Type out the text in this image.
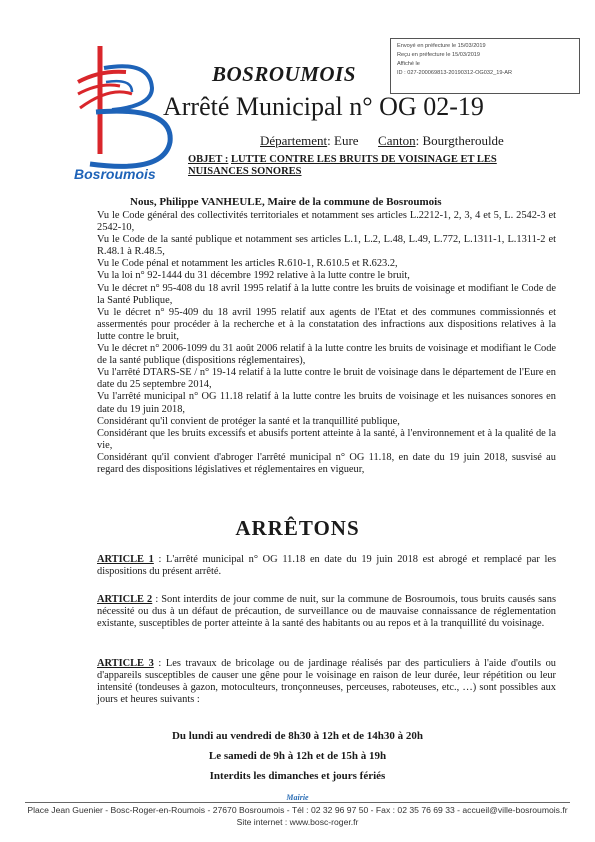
Bosroumois
Envoyé en préfecture le 15/03/2019
Reçu en préfecture le 15/03/2019
Affiché le
ID : 027-200069813-20190312-OG032_19-AR
BOSROUMOIS
Arrêté Municipal n° OG 02-19
Département: Eure Canton: Bourgtheroulde
OBJET : LUTTE CONTRE LES BRUITS DE VOISINAGE ET LES NUISANCES SONORES
Nous, Philippe VANHEULE, Maire de la commune de Bosroumois

Vu le Code général des collectivités territoriales et notamment ses articles L.2212-1, 2, 3, 4 et 5, L. 2542-3 et 2542-10,

Vu le Code de la santé publique et notamment ses articles L.1, L.2, L.48, L.49, L.772, L.1311-1, L.1311-2 et R.48.1 à R.48.5,

Vu le Code pénal et notamment les articles R.610-1, R.610.5 et R.623.2,

Vu la loi n° 92-1444 du 31 décembre 1992 relative à la lutte contre le bruit,

Vu le décret n° 95-408 du 18 avril 1995 relatif à la lutte contre les bruits de voisinage et modifiant le Code de la Santé Publique,

Vu le décret n° 95-409 du 18 avril 1995 relatif aux agents de l'Etat et des communes commissionnés et assermentés pour procéder à la recherche et à la constatation des infractions aux dispositions relatives à la lutte contre le bruit,

Vu le décret n° 2006-1099 du 31 août 2006 relatif à la lutte contre les bruits de voisinage et modifiant le Code de la santé publique (dispositions réglementaires),

Vu l'arrêté DTARS-SE / n° 19-14 relatif à la lutte contre le bruit de voisinage dans le département de l'Eure en date du 25 septembre 2014,

Vu l'arrêté municipal n° OG 11.18 relatif à la lutte contre les bruits de voisinage et les nuisances sonores en date du 19 juin 2018,

Considérant qu'il convient de protéger la santé et la tranquillité publique,

Considérant que les bruits excessifs et abusifs portent atteinte à la santé, à l'environnement et à la qualité de la vie,

Considérant qu'il convient d'abroger l'arrêté municipal n° OG 11.18, en date du 19 juin 2018, susvisé au regard des dispositions législatives et réglementaires en vigueur,

ARRÊTONS
ARTICLE 1 : L'arrêté municipal n° OG 11.18 en date du 19 juin 2018 est abrogé et remplacé par les dispositions du présent arrêté.
ARTICLE 2 : Sont interdits de jour comme de nuit, sur la commune de Bosroumois, tous bruits causés sans nécessité ou dus à un défaut de précaution, de surveillance ou de mauvaise connaissance de réglementation existante, susceptibles de porter atteinte à la santé des habitants ou au repos et à la tranquillité du voisinage.
ARTICLE 3 : Les travaux de bricolage ou de jardinage réalisés par des particuliers à l'aide d'outils ou d'appareils susceptibles de causer une gêne pour le voisinage en raison de leur durée, leur répétition ou leur intensité (tondeuses à gazon, motoculteurs, tronçonneuses, perceuses, raboteuses, etc., …) sont possibles aux jours et heures suivants :
Du lundi au vendredi de 8h30 à 12h et de 14h30 à 20h
Le samedi de 9h à 12h et de 15h à 19h
Interdits les dimanches et jours fériés
Mairie
Place Jean Guenier - Bosc-Roger-en-Roumois - 27670 Bosroumois - Tél : 02 32 96 97 50 - Fax : 02 35 76 69 33 - accueil@ville-bosroumois.fr
Site internet : www.bosc-roger.fr
